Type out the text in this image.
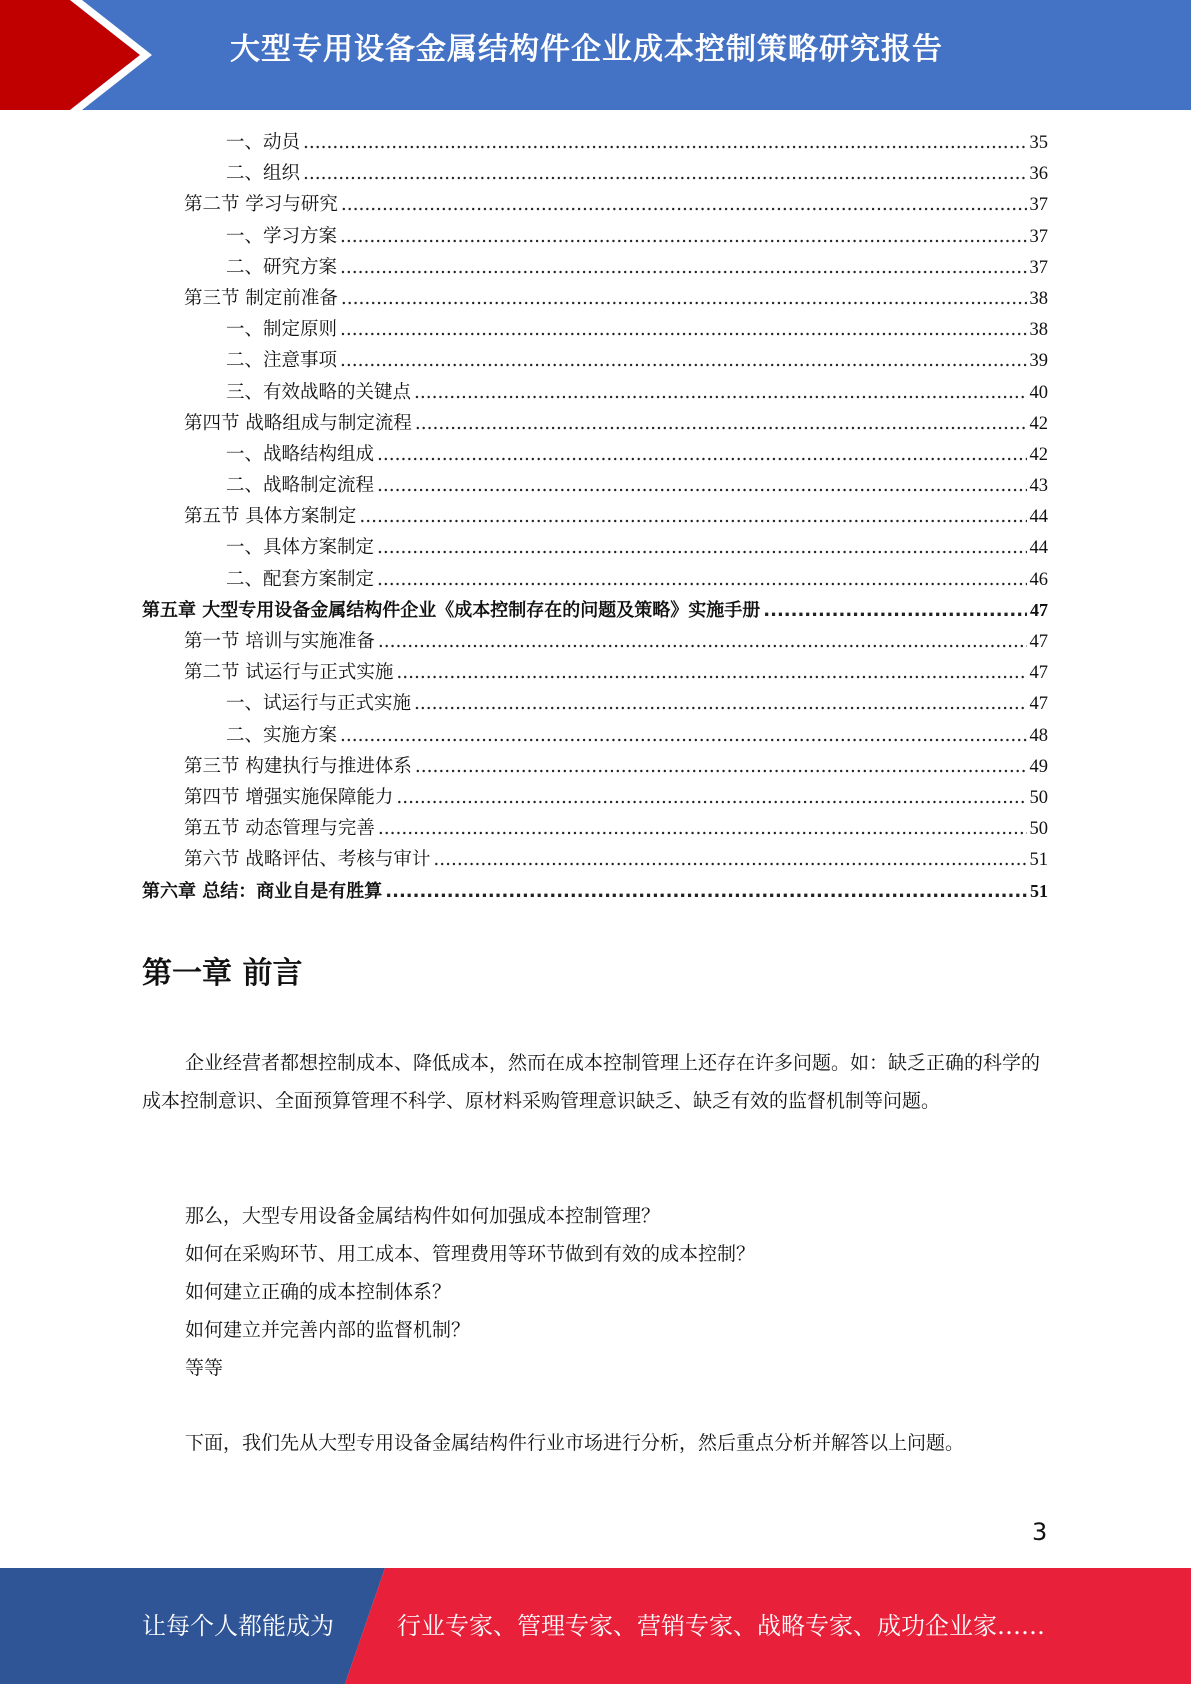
大型专用设备金属结构件企业成本控制策略研究报告
一、动员 .....	35
二、组织 .....	36
第二节 学习与研究 .....	37
一、学习方案 .....	37
二、研究方案 .....	37
第三节 制定前准备 .....	38
一、制定原则 .....	38
二、注意事项 .....	39
三、有效战略的关键点 .....	40
第四节 战略组成与制定流程 .....	42
一、战略结构组成 .....	42
二、战略制定流程 .....	43
第五节 具体方案制定 .....	44
一、具体方案制定 .....	44
二、配套方案制定 .....	46
第五章 大型专用设备金属结构件企业《成本控制存在的问题及策略》实施手册 .....	47
第一节 培训与实施准备 .....	47
第二节 试运行与正式实施 .....	47
一、试运行与正式实施 .....	47
二、实施方案 .....	48
第三节 构建执行与推进体系 .....	49
第四节 增强实施保障能力 .....	50
第五节 动态管理与完善 .....	50
第六节 战略评估、考核与审计 .....	51
第六章 总结：商业自是有胜算 .....	51
第一章 前言
企业经营者都想控制成本、降低成本，然而在成本控制管理上还存在许多问题。如：缺乏正确的科学的成本控制意识、全面预算管理不科学、原材料采购管理意识缺乏、缺乏有效的监督机制等问题。
那么，大型专用设备金属结构件如何加强成本控制管理？
如何在采购环节、用工成本、管理费用等环节做到有效的成本控制？
如何建立正确的成本控制体系？
如何建立并完善内部的监督机制？
等等
下面，我们先从大型专用设备金属结构件行业市场进行分析，然后重点分析并解答以上问题。
3
让每个人都能成为	行业专家、管理专家、营销专家、战略专家、成功企业家……
